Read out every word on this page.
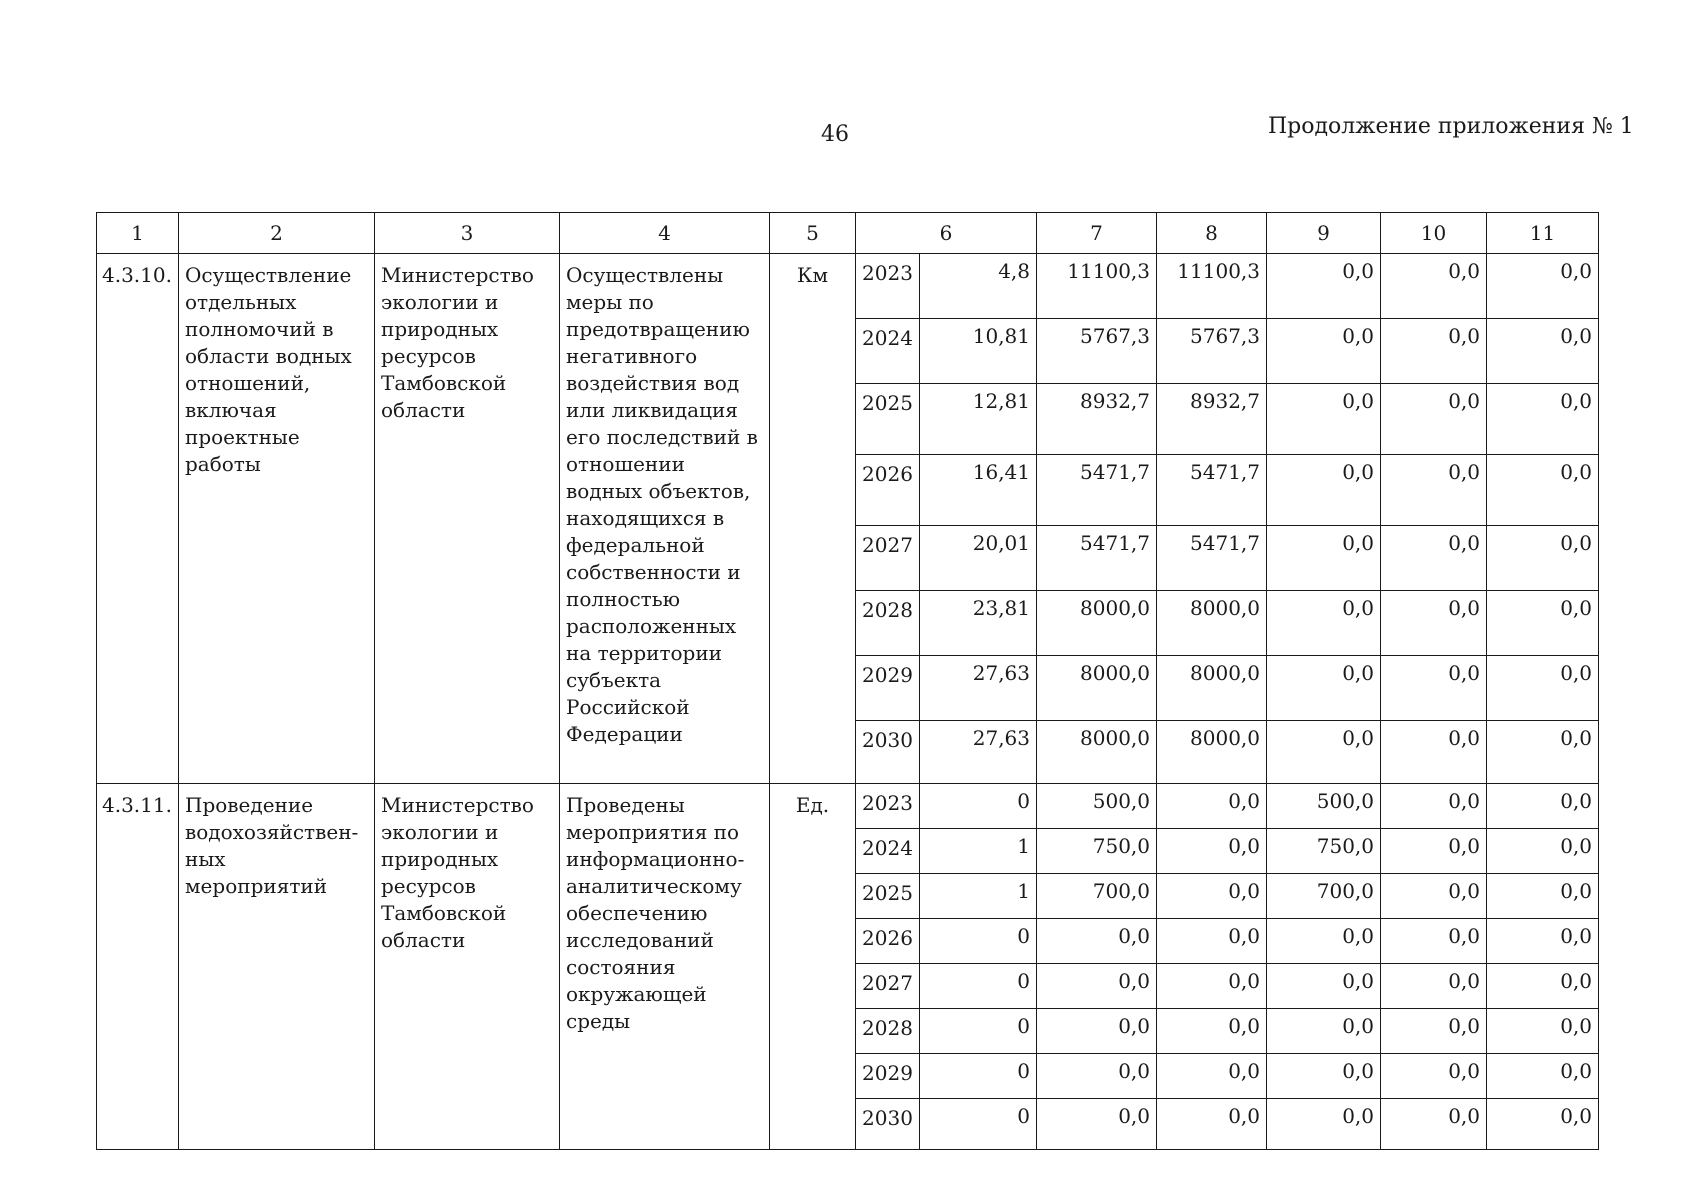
46	Продолжение приложения № 1
1	2	3	4	5	6		7	8	9	10	11
4.3.10.	Осуществление отдельных полномочий в области водных отношений, включая проектные работы	Министерство экологии и природных ресурсов Тамбовской области	Осуществлены меры по предотвращению негативного воздействия вод или ликвидация его последствий в отношении водных объектов, находящихся в федеральной собственности и полностью расположенных на территории субъекта Российской Федерации	Км	2023	4,8	11100,3	11100,3	0,0	0,0	0,0
					2024	10,81	5767,3	5767,3	0,0	0,0	0,0
					2025	12,81	8932,7	8932,7	0,0	0,0	0,0
					2026	16,41	5471,7	5471,7	0,0	0,0	0,0
					2027	20,01	5471,7	5471,7	0,0	0,0	0,0
					2028	23,81	8000,0	8000,0	0,0	0,0	0,0
					2029	27,63	8000,0	8000,0	0,0	0,0	0,0
					2030	27,63	8000,0	8000,0	0,0	0,0	0,0
4.3.11.	Проведение водохозяйствен-ных мероприятий	Министерство экологии и природных ресурсов Тамбовской области	Проведены мероприятия по информационно-аналитическому обеспечению исследований состояния окружающей среды	Ед.	2023	0	500,0	0,0	500,0	0,0	0,0
					2024	1	750,0	0,0	750,0	0,0	0,0
					2025	1	700,0	0,0	700,0	0,0	0,0
					2026	0	0,0	0,0	0,0	0,0	0,0
					2027	0	0,0	0,0	0,0	0,0	0,0
					2028	0	0,0	0,0	0,0	0,0	0,0
					2029	0	0,0	0,0	0,0	0,0	0,0
					2030	0	0,0	0,0	0,0	0,0	0,0
